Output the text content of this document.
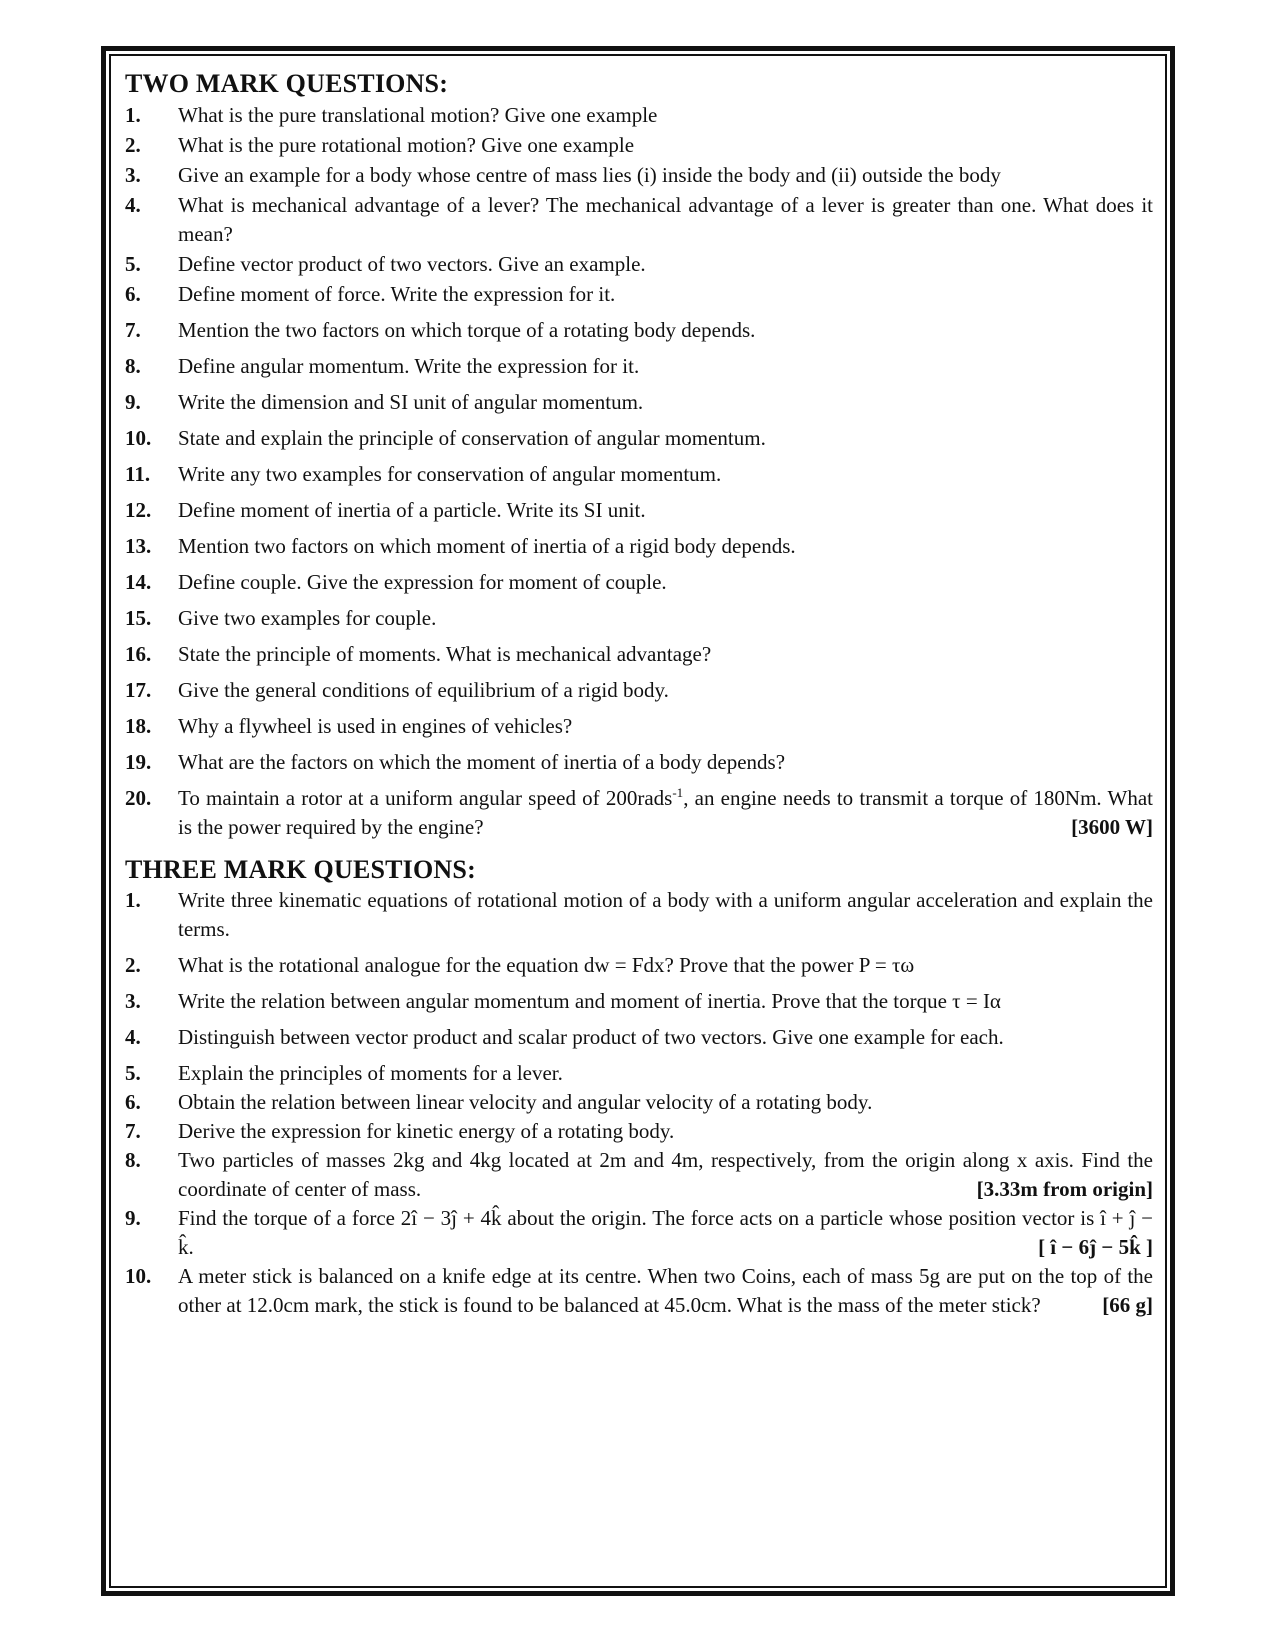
TWO MARK QUESTIONS:
1.	What is the pure translational motion? Give one example
2.	What is the pure rotational motion? Give one example
3.	Give an example for a body whose centre of mass lies (i) inside the body and (ii) outside the body
4.	What is mechanical advantage of a lever? The mechanical advantage of a lever is greater than one. What does it mean?
5.	Define vector product of two vectors. Give an example.
6.	Define moment of force. Write the expression for it.
7.	Mention the two factors on which torque of a rotating body depends.
8.	Define angular momentum. Write the expression for it.
9.	Write the dimension and SI unit of angular momentum.
10.	State and explain the principle of conservation of angular momentum.
11.	Write any two examples for conservation of angular momentum.
12.	Define moment of inertia of a particle. Write its SI unit.
13.	Mention two factors on which moment of inertia of a rigid body depends.
14.	Define couple. Give the expression for moment of couple.
15.	Give two examples for couple.
16.	State the principle of moments. What is mechanical advantage?
17.	Give the general conditions of equilibrium of a rigid body.
18.	Why a flywheel is used in engines of vehicles?
19.	What are the factors on which the moment of inertia of a body depends?
20.	To maintain a rotor at a uniform angular speed of 200rads$^{-1}$, an engine needs to transmit a torque of 180Nm. What is the power required by the engine?	[3600 W]
THREE MARK QUESTIONS:
1.	Write three kinematic equations of rotational motion of a body with a uniform angular acceleration and explain the terms.
2.	What is the rotational analogue for the equation dw = Fdx? Prove that the power P = τω
3.	Write the relation between angular momentum and moment of inertia. Prove that the torque τ = Iα
4.	Distinguish between vector product and scalar product of two vectors. Give one example for each.
5.	Explain the principles of moments for a lever.
6.	Obtain the relation between linear velocity and angular velocity of a rotating body.
7.	Derive the expression for kinetic energy of a rotating body.
8.	Two particles of masses 2kg and 4kg located at 2m and 4m, respectively, from the origin along x axis. Find the coordinate of center of mass.	[3.33m from origin]
9.	Find the torque of a force 2î − 3ĵ + 4k̂ about the origin. The force acts on a particle whose position vector is î + ĵ − k̂.	[ î − 6ĵ − 5k̂ ]
10.	A meter stick is balanced on a knife edge at its centre. When two Coins, each of mass 5g are put on the top of the other at 12.0cm mark, the stick is found to be balanced at 45.0cm. What is the mass of the meter stick?	[66 g]
